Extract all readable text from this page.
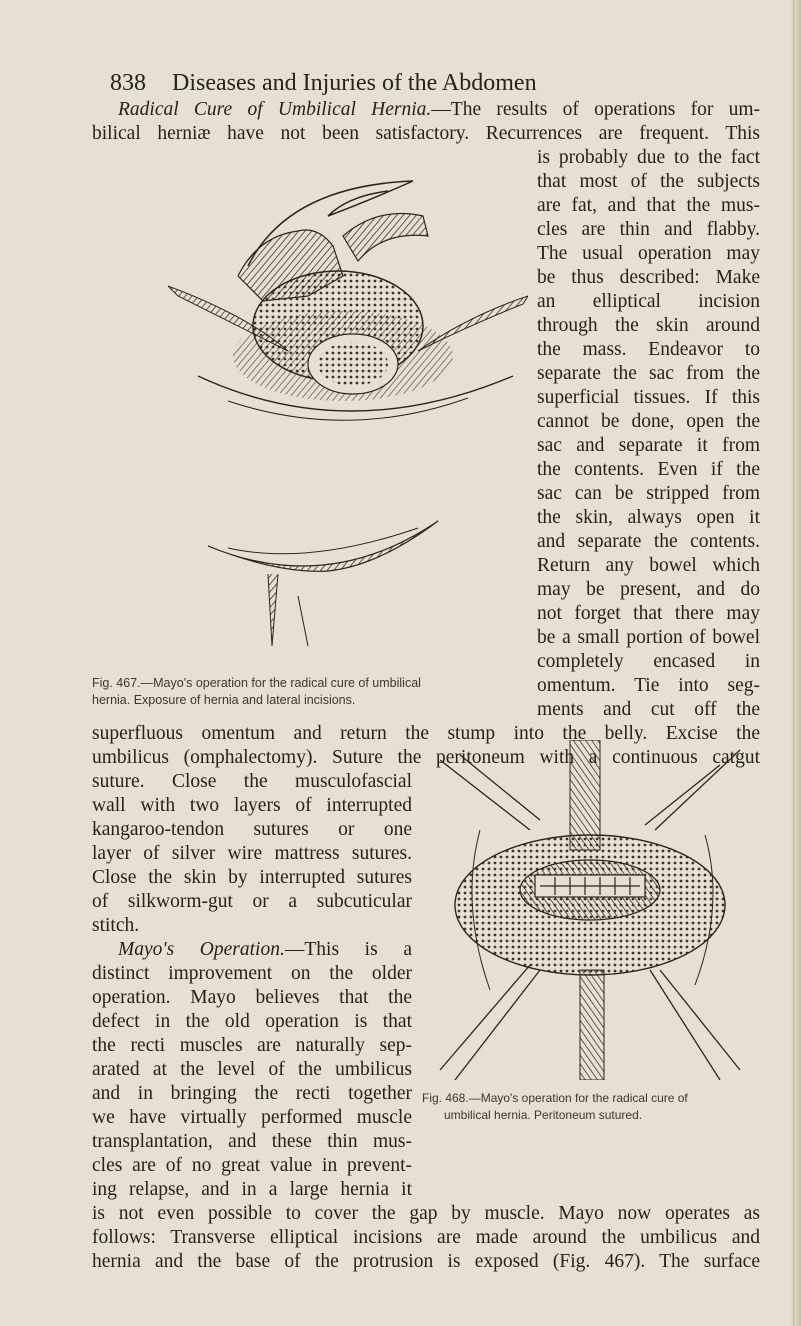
838 Diseases and Injuries of the Abdomen
Radical Cure of Umbilical Hernia.—The results of operations for um-
bilical herniæ have not been satisfactory. Recurrences are frequent. This
is probably due to the fact
that most of the subjects
are fat, and that the mus-
cles are thin and flabby.
The usual operation may
be thus described: Make
an elliptical incision
through the skin around
the mass. Endeavor to
separate the sac from the
superficial tissues. If this
cannot be done, open the
sac and separate it from
the contents. Even if the
sac can be stripped from
the skin, always open it
and separate the contents.
Return any bowel which
may be present, and do
not forget that there may
be a small portion of bowel
completely encased in
omentum. Tie into seg-
ments and cut off the
superfluous omentum and return the stump into the belly. Excise the
umbilicus (omphalectomy). Suture the peritoneum with a continuous catgut
suture. Close the musculofascial
wall with two layers of interrupted
kangaroo-tendon sutures or one
layer of silver wire mattress sutures.
Close the skin by interrupted sutures
of silkworm-gut or a subcuticular
stitch.
Mayo's Operation.—This is a
distinct improvement on the older
operation. Mayo believes that the
defect in the old operation is that
the recti muscles are naturally sep-
arated at the level of the umbilicus
and in bringing the recti together
we have virtually performed muscle
transplantation, and these thin mus-
cles are of no great value in prevent-
ing relapse, and in a large hernia it
is not even possible to cover the gap by muscle. Mayo now operates as
follows: Transverse elliptical incisions are made around the umbilicus and
hernia and the base of the protrusion is exposed (Fig. 467). The surface
Fig. 467.—Mayo's operation for the radical cure of umbilical
hernia. Exposure of hernia and lateral incisions.
Fig. 468.—Mayo's operation for the radical cure of
umbilical hernia. Peritoneum sutured.
